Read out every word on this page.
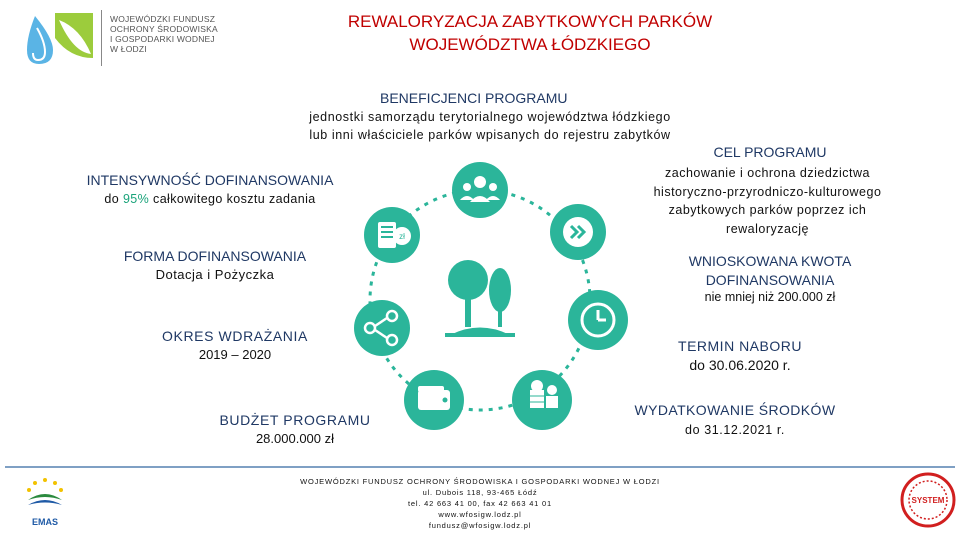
WOJEWÓDZKI FUNDUSZ
OCHRONY ŚRODOWISKA
I GOSPODARKI WODNEJ
W ŁODZI
REWALORYZACJA ZABYTKOWYCH PARKÓW
WOJEWÓDZTWA ŁÓDZKIEGO
BENEFICJENCI PROGRAMU
jednostki samorządu terytorialnego województwa łódzkiego
lub inni właściciele parków wpisanych do rejestru zabytków
CEL PROGRAMU
zachowanie i ochrona dziedzictwa
historyczno-przyrodniczo-kulturowego
zabytkowych parków poprzez ich
rewaloryzację
INTENSYWNOŚĆ DOFINANSOWANIA
do 95% całkowitego kosztu zadania
FORMA DOFINANSOWANIA
Dotacja i Pożyczka
WNIOSKOWANA KWOTA
DOFINANSOWANIA
nie mniej niż 200.000 zł
OKRES WDRAŻANIA
2019 – 2020
TERMIN NABORU
do 30.06.2020 r.
BUDŻET PROGRAMU
28.000.000 zł
WYDATKOWANIE ŚRODKÓW
do 31.12.2021 r.
zł
EMAS
WOJEWÓDZKI FUNDUSZ OCHRONY ŚRODOWISKA I GOSPODARKI WODNEJ W ŁODZI
ul. Dubois 118, 93-465 Łódź
tel. 42 663 41 00, fax 42 663 41 01
www.wfosigw.lodz.pl
fundusz@wfosigw.lodz.pl
SYSTEM
